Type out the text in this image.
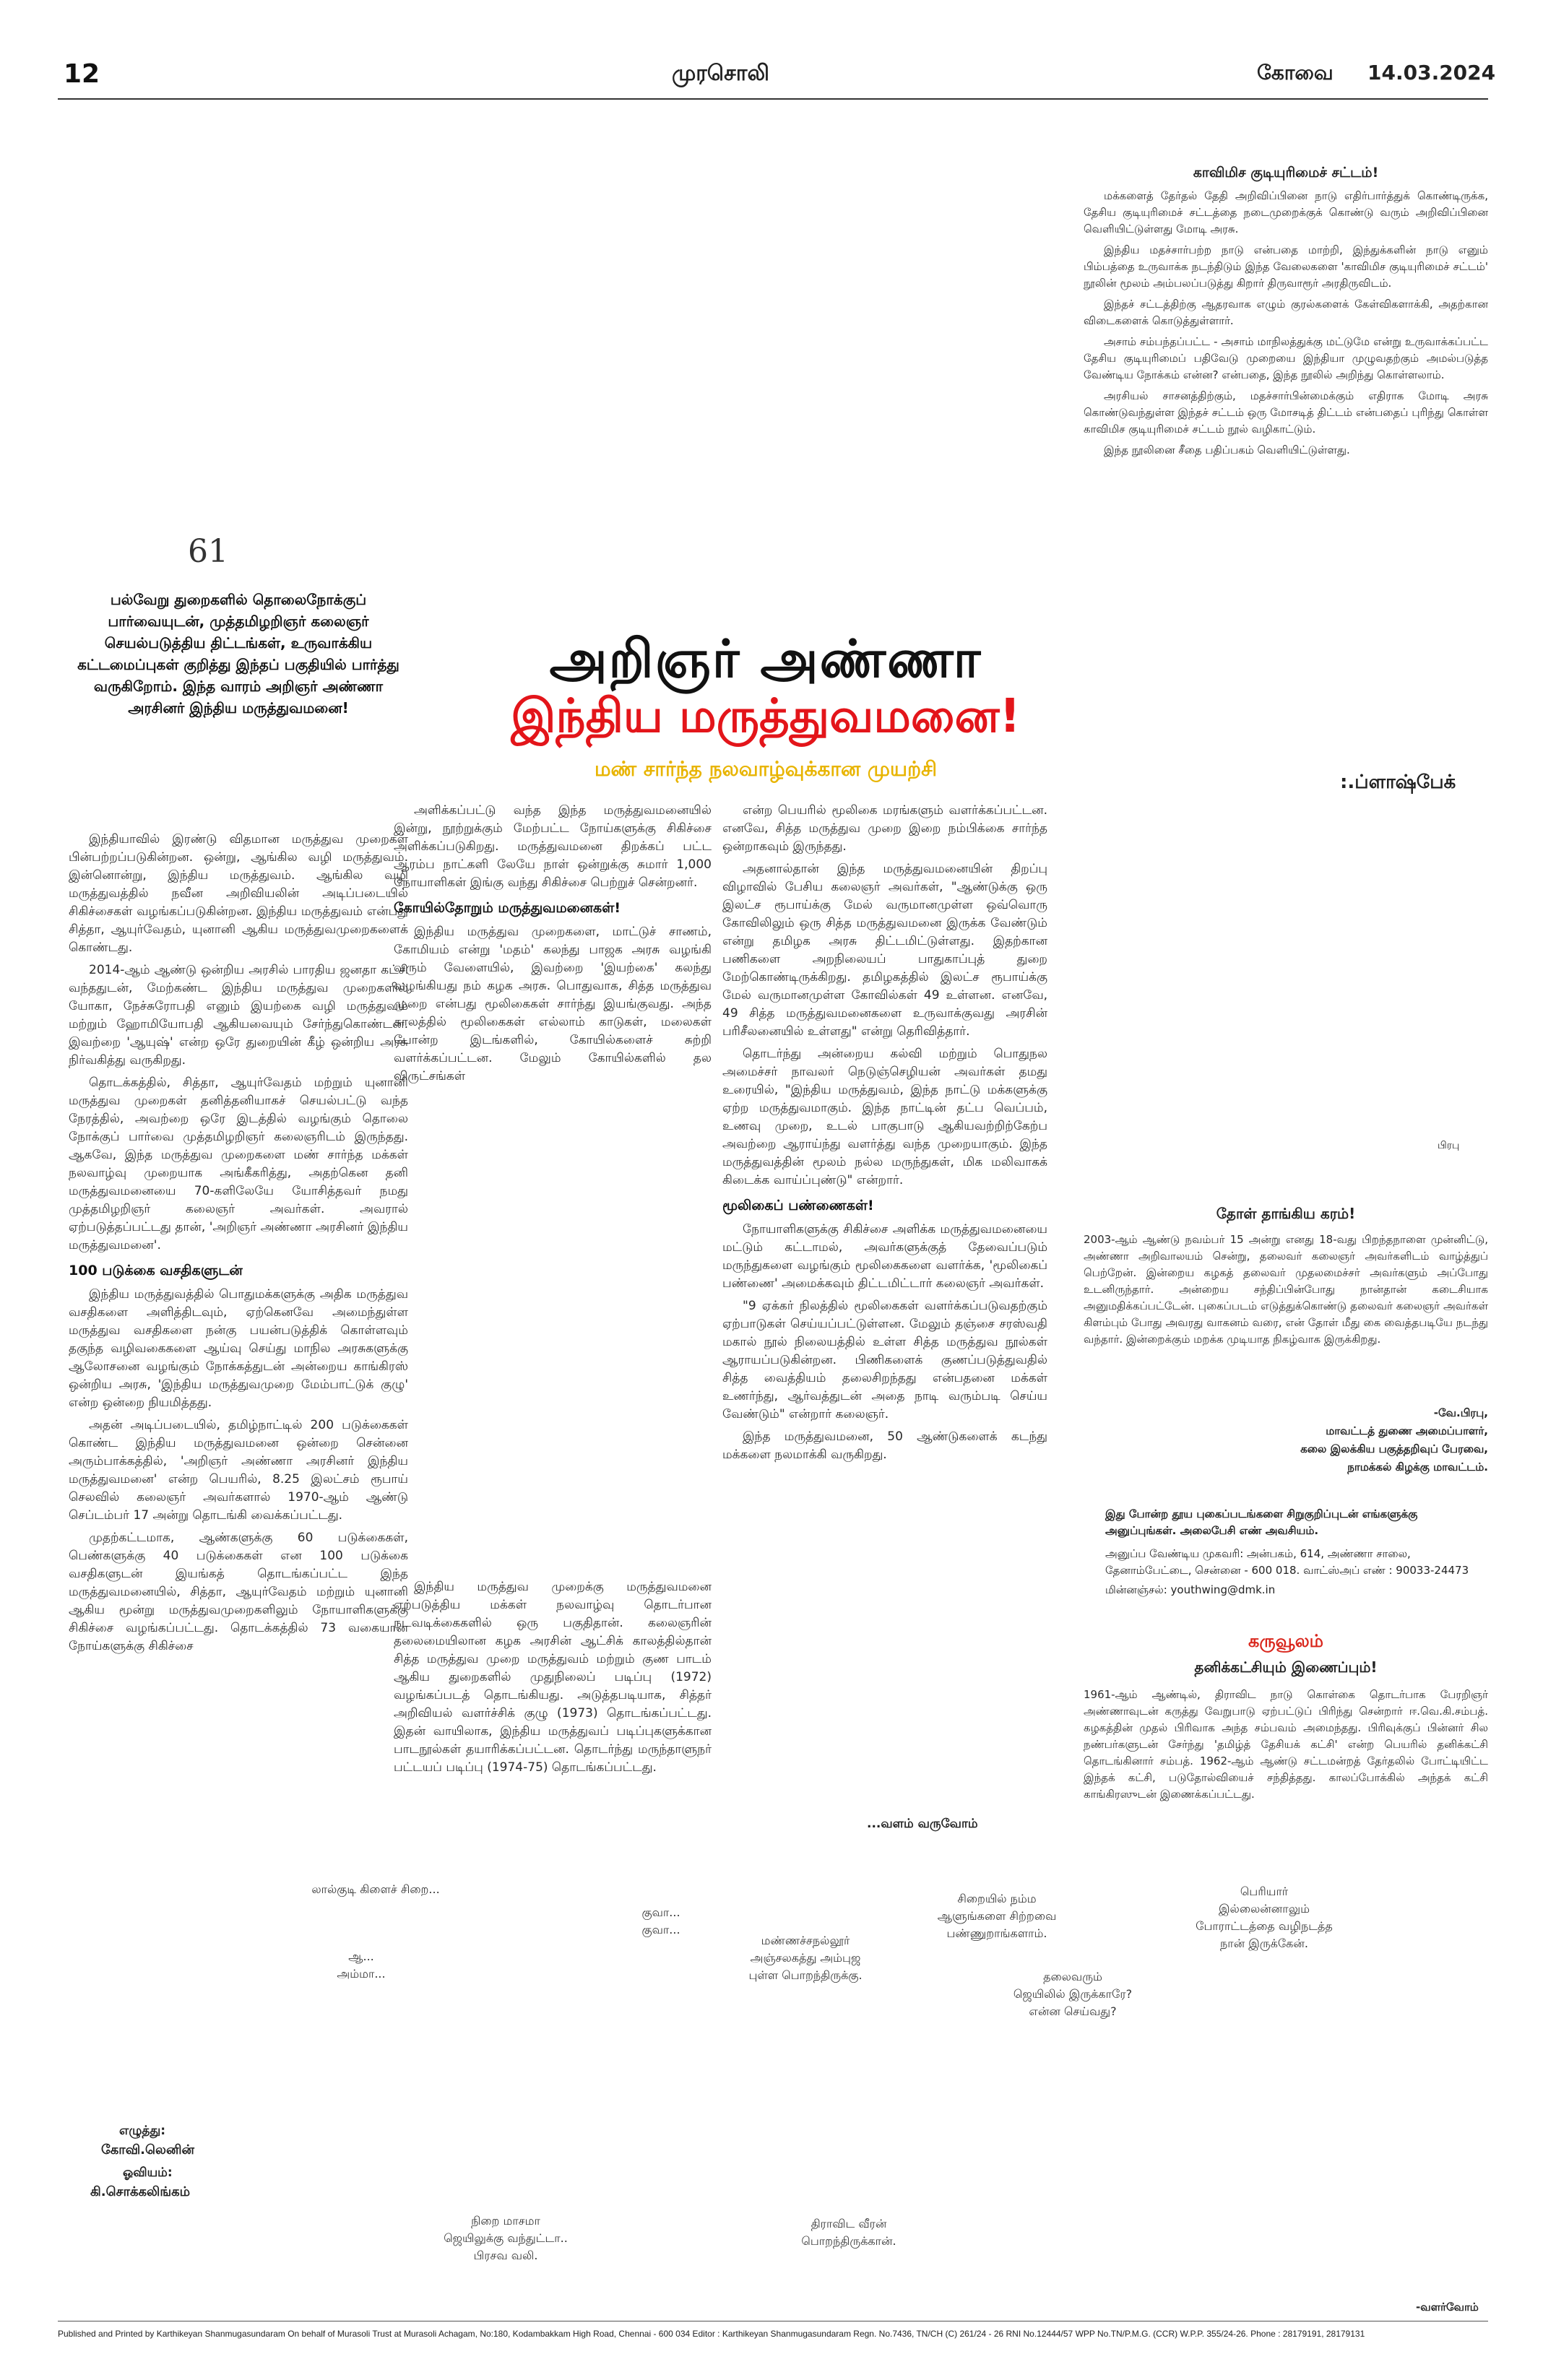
12	முரசொலி	கோவை 14.03.2024
61
பல்வேறு துறைகளில் தொலைநோக்குப் பார்வையுடன், முத்தமிழறிஞர் கலைஞர் செயல்படுத்திய திட்டங்கள், உருவாக்கிய கட்டமைப்புகள் குறித்து இந்தப் பகுதியில் பார்த்து வருகிறோம். இந்த வாரம் அறிஞர் அண்ணா அரசினர் இந்திய மருத்துவமனை!
அறிஞர் அண்ணா
இந்திய மருத்துவமனை!
மண் சார்ந்த நலவாழ்வுக்கான முயற்சி

இந்தியாவில் இரண்டு விதமான மருத்துவ முறைகள் பின்பற்றப்படுகின்றன. ஒன்று, ஆங்கில வழி மருத்துவம். இன்னொன்று, இந்திய மருத்துவம். ஆங்கில வழி மருத்துவத்தில் நவீன அறிவியலின் அடிப்படையில் சிகிச்சைகள் வழங்கப்படுகின்றன. இந்திய மருத்துவம் என்பது சித்தா, ஆயுர்வேதம், யுனானி ஆகிய மருத்துவமுறைகளைக் கொண்டது.

2014-ஆம் ஆண்டு ஒன்றிய அரசில் பாரதிய ஜனதா கட்சி வந்ததுடன், மேற்கண்ட இந்திய மருத்துவ முறைகளில் யோகா, நேச்சுரோபதி எனும் இயற்கை வழி மருத்துவம் மற்றும் ஹோமியோபதி ஆகியவையும் சேர்ந்துகொண்டன. இவற்றை 'ஆயுஷ்' என்ற ஒரே துறையின் கீழ் ஒன்றிய அரசு நிர்வகித்து வருகிறது.

தொடக்கத்தில், சித்தா, ஆயுர்வேதம் மற்றும் யுனானி மருத்துவ முறைகள் தனித்தனியாகச் செயல்பட்டு வந்த நேரத்தில், அவற்றை ஒரே இடத்தில் வழங்கும் தொலை நோக்குப் பார்வை முத்தமிழறிஞர் கலைஞரிடம் இருந்தது. ஆகவே, இந்த மருத்துவ முறைகளை மண் சார்ந்த மக்கள் நலவாழ்வு முறையாக அங்கீகரித்து, அதற்கென தனி மருத்துவமனையை 70-களிலேயே யோசித்தவர் நமது முத்தமிழறிஞர் கலைஞர் அவர்கள். அவரால் ஏற்படுத்தப்பட்டது தான், 'அறிஞர் அண்ணா அரசினர் இந்திய மருத்துவமனை'.

100 படுக்கை வசதிகளுடன்

இந்திய மருத்துவத்தில் பொதுமக்களுக்கு அதிக மருத்துவ வசதிகளை அளித்திடவும், ஏற்கெனவே அமைந்துள்ள மருத்துவ வசதிகளை நன்கு பயன்படுத்திக் கொள்ளவும் தகுந்த வழிவகைகளை ஆய்வு செய்து மாநில அரசுகளுக்கு ஆலோசனை வழங்கும் நோக்கத்துடன் அன்றைய காங்கிரஸ் ஒன்றிய அரசு, 'இந்திய மருத்துவமுறை மேம்பாட்டுக் குழு' என்ற ஒன்றை நியமித்தது.

அதன் அடிப்படையில், தமிழ்நாட்டில் 200 படுக்கைகள் கொண்ட இந்திய மருத்துவமனை ஒன்றை சென்னை அரும்பாக்கத்தில், 'அறிஞர் அண்ணா அரசினர் இந்திய மருத்துவமனை' என்ற பெயரில், 8.25 இலட்சம் ரூபாய் செலவில் கலைஞர் அவர்களால் 1970-ஆம் ஆண்டு செப்டம்பர் 17 அன்று தொடங்கி வைக்கப்பட்டது.

முதற்கட்டமாக, ஆண்களுக்கு 60 படுக்கைகள், பெண்களுக்கு 40 படுக்கைகள் என 100 படுக்கை வசதிகளுடன் இயங்கத் தொடங்கப்பட்ட இந்த மருத்துவமனையில், சித்தா, ஆயுர்வேதம் மற்றும் யுனானி ஆகிய மூன்று மருத்துவமுறைகளிலும் நோயாளிகளுக்கு சிகிச்சை வழங்கப்பட்டது. தொடக்கத்தில் 73 வகையான நோய்களுக்கு சிகிச்சை

அளிக்கப்பட்டு வந்த இந்த மருத்துவமனையில் இன்று, நூற்றுக்கும் மேற்பட்ட நோய்களுக்கு சிகிச்சை அளிக்கப்படுகிறது. மருத்துவமனை திறக்கப் பட்ட ஆரம்ப நாட்களி லேயே நாள் ஒன்றுக்கு சுமார் 1,000 நோயாளிகள் இங்கு வந்து சிகிச்சை பெற்றுச் சென்றனர்.

கோயில்தோறும் மருத்துவமனைகள்!

இந்திய மருத்துவ முறைகளை, மாட்டுச் சாணம், கோமியம் என்று 'மதம்' கலந்து பாஜக அரசு வழங்கி வரும் வேளையில், இவற்றை 'இயற்கை' கலந்து வழங்கியது நம் கழக அரசு. பொதுவாக, சித்த மருத்துவ முறை என்பது மூலிகைகள் சார்ந்து இயங்குவது. அந்த காலத்தில் மூலிகைகள் எல்லாம் காடுகள், மலைகள் போன்ற இடங்களில், கோயில்களைச் சுற்றி வளர்க்கப்பட்டன. மேலும் கோயில்களில் தல விருட்சங்கள்

இந்திய மருத்துவ முறைக்கு மருத்துவமனை ஏற்படுத்திய மக்கள் நலவாழ்வு தொடர்பான நடவடிக்கைகளில் ஒரு பகுதிதான். கலைஞரின் தலைமையிலான கழக அரசின் ஆட்சிக் காலத்தில்தான் சித்த மருத்துவ முறை மருத்துவம் மற்றும் குண பாடம் ஆகிய துறைகளில் முதுநிலைப் படிப்பு (1972) வழங்கப்படத் தொடங்கியது. அடுத்தபடியாக, சித்தர் அறிவியல் வளர்ச்சிக் குழு (1973) தொடங்கப்பட்டது. இதன் வாயிலாக, இந்திய மருத்துவப் படிப்புகளுக்கான பாடநூல்கள் தயாரிக்கப்பட்டன. தொடர்ந்து மருந்தாளுநர் பட்டயப் படிப்பு (1974-75) தொடங்கப்பட்டது.

என்ற பெயரில் மூலிகை மரங்களும் வளர்க்கப்பட்டன. எனவே, சித்த மருத்துவ முறை இறை நம்பிக்கை சார்ந்த ஒன்றாகவும் இருந்தது.

அதனால்தான் இந்த மருத்துவமனையின் திறப்பு விழாவில் பேசிய கலைஞர் அவர்கள், "ஆண்டுக்கு ஒரு இலட்ச ரூபாய்க்கு மேல் வருமானமுள்ள ஒவ்வொரு கோவிலிலும் ஒரு சித்த மருத்துவமனை இருக்க வேண்டும் என்று தமிழக அரசு திட்டமிட்டுள்ளது. இதற்கான பணிகளை அறநிலையப் பாதுகாப்புத் துறை மேற்கொண்டிருக்கிறது. தமிழகத்தில் இலட்ச ரூபாய்க்கு மேல் வருமானமுள்ள கோவில்கள் 49 உள்ளன. எனவே, 49 சித்த மருத்துவமனைகளை உருவாக்குவது அரசின் பரிசீலனையில் உள்ளது" என்று தெரிவித்தார்.

தொடர்ந்து அன்றைய கல்வி மற்றும் பொதுநல அமைச்சர் நாவலர் நெடுஞ்செழியன் அவர்கள் தமது உரையில், "இந்திய மருத்துவம், இந்த நாட்டு மக்களுக்கு ஏற்ற மருத்துவமாகும். இந்த நாட்டின் தட்ப வெப்பம், உணவு முறை, உடல் பாகுபாடு ஆகியவற்றிற்கேற்ப அவற்றை ஆராய்ந்து வளர்த்து வந்த முறையாகும். இந்த மருத்துவத்தின் மூலம் நல்ல மருந்துகள், மிக மலிவாகக் கிடைக்க வாய்ப்புண்டு" என்றார்.

மூலிகைப் பண்ணைகள்!

நோயாளிகளுக்கு சிகிச்சை அளிக்க மருத்துவமனையை மட்டும் கட்டாமல், அவர்களுக்குத் தேவைப்படும் மருந்துகளை வழங்கும் மூலிகைகளை வளர்க்க, 'மூலிகைப் பண்ணை' அமைக்கவும் திட்டமிட்டார் கலைஞர் அவர்கள்.

"9 ஏக்கர் நிலத்தில் மூலிகைகள் வளர்க்கப்படுவதற்கும் ஏற்பாடுகள் செய்யப்பட்டுள்ளன. மேலும் தஞ்சை சரஸ்வதி மகால் நூல் நிலையத்தில் உள்ள சித்த மருத்துவ நூல்கள் ஆராயப்படுகின்றன. பிணிகளைக் குணப்படுத்துவதில் சித்த வைத்தியம் தலைசிறந்தது என்பதனை மக்கள் உணர்ந்து, ஆர்வத்துடன் அதை நாடி வரும்படி செய்ய வேண்டும்" என்றார் கலைஞர்.

இந்த மருத்துவமனை, 50 ஆண்டுகளைக் கடந்து மக்களை நலமாக்கி வருகிறது.

...வளம் வருவோம்
காவிமிச குடியுரிமைச் சட்டம்!

மக்களைத் தேர்தல் தேதி அறிவிப்பினை நாடு எதிர்பார்த்துக் கொண்டிருக்க, தேசிய குடியுரிமைச் சட்டத்தை நடைமுறைக்குக் கொண்டு வரும் அறிவிப்பினை வெளியிட்டுள்ளது மோடி அரசு.

இந்திய மதச்சார்பற்ற நாடு என்பதை மாற்றி, இந்துக்களின் நாடு எனும் பிம்பத்தை உருவாக்க நடந்திடும் இந்த வேலைகளை 'காவிமிச குடியுரிமைச் சட்டம்' நூலின் மூலம் அம்பலப்படுத்து கிறார் திருவாரூர் அரதிருவிடம்.

இந்தச் சட்டத்திற்கு ஆதரவாக எழும் குரல்களைக் கேள்விகளாக்கி, அதற்கான விடைகளைக் கொடுத்துள்ளார்.

அசாம் சம்பந்தப்பட்ட - அசாம் மாநிலத்துக்கு மட்டுமே என்று உருவாக்கப்பட்ட தேசிய குடியுரிமைப் பதிவேடு முறையை இந்தியா முழுவதற்கும் அமல்படுத்த வேண்டிய நோக்கம் என்ன? என்பதை, இந்த நூலில் அறிந்து கொள்ளலாம்.

அரசியல் சாசனத்திற்கும், மதச்சார்பின்மைக்கும் எதிராக மோடி அரசு கொண்டுவந்துள்ள இந்தச் சட்டம் ஒரு மோசடித் திட்டம் என்பதைப் புரிந்து கொள்ள காவிமிச குடியுரிமைச் சட்டம் நூல் வழிகாட்டும்.

இந்த நூலினை சீதை பதிப்பகம் வெளியிட்டுள்ளது.

:.ப்ளாஷ்பேக்
பிரபு
தோள் தாங்கிய கரம்!
2003-ஆம் ஆண்டு நவம்பர் 15 அன்று எனது 18-வது பிறந்தநாளை முன்னிட்டு, அண்ணா அறிவாலயம் சென்று, தலைவர் கலைஞர் அவர்களிடம் வாழ்த்துப் பெற்றேன். இன்றைய கழகத் தலைவர் முதலமைச்சர் அவர்களும் அப்போது உடனிருந்தார். அன்றைய சந்திப்பின்போது நான்தான் கடைசியாக அனுமதிக்கப்பட்டேன். புகைப்படம் எடுத்துக்கொண்டு தலைவர் கலைஞர் அவர்கள் கிளம்பும் போது அவரது வாகனம் வரை, என் தோள் மீது கை வைத்தபடியே நடந்து வந்தார். இன்றைக்கும் மறக்க முடியாத நிகழ்வாக இருக்கிறது.
-வே.பிரபு,
மாவட்டத் துணை அமைப்பாளர்,
கலை இலக்கிய பகுத்தறிவுப் பேரவை,
நாமக்கல் கிழக்கு மாவட்டம்.
இது போன்ற தூய புகைப்படங்களை சிறுகுறிப்புடன் எங்களுக்கு அனுப்புங்கள். அலைபேசி எண் அவசியம்.
அனுப்ப வேண்டிய முகவரி: அன்பகம், 614, அண்ணா சாலை, தேனாம்பேட்டை, சென்னை - 600 018. வாட்ஸ்அப் எண் : 90033-24473
மின்னஞ்சல்: youthwing@dmk.in
கருவூலம்
தனிக்கட்சியும் இணைப்பும்!
1961-ஆம் ஆண்டில், திராவிட நாடு கொள்கை தொடர்பாக பேரறிஞர் அண்ணாவுடன் கருத்து வேறுபாடு ஏற்பட்டுப் பிரிந்து சென்றார் ஈ.வெ.கி.சம்பத். கழகத்தின் முதல் பிரிவாக அந்த சம்பவம் அமைந்தது. பிரிவுக்குப் பின்னர் சில நண்பர்களுடன் சேர்ந்து 'தமிழ்த் தேசியக் கட்சி' என்ற பெயரில் தனிக்கட்சி தொடங்கினார் சம்பத். 1962-ஆம் ஆண்டு சட்டமன்றத் தேர்தலில் போட்டியிட்ட இந்தக் கட்சி, படுதோல்வியைச் சந்தித்தது. காலப்போக்கில் அந்தக் கட்சி காங்கிரஸுடன் இணைக்கப்பட்டது.
லால்குடி கிளைச் சிறை...
குவா...
குவா...
ஆ...
அம்மா...
மண்ணச்சநல்லூர்
அஞ்சலகத்து அம்புஜ
புள்ள பொறந்திருக்கு.
சிறையில் நம்ம
ஆளுங்களை சிற்றவை
பண்ணுறாங்களாம்.
பெரியார்
இல்லைன்னாலும்
போராட்டத்தை வழிநடத்த
நான் இருக்கேன்.
தலைவரும்
ஜெயிலில் இருக்காரே?
என்ன செய்வது?
நிறை மாசமா
ஜெயிலுக்கு வந்துட்டா..
பிரசவ வலி.
திராவிட வீரன்
பொறந்திருக்கான்.
எழுத்து:
கோவி.லெனின்
ஓவியம்:
கி.சொக்கலிங்கம்
-வளர்வோம்
Published and Printed by Karthikeyan Shanmugasundaram On behalf of Murasoli Trust at Murasoli Achagam, No:180, Kodambakkam High Road, Chennai - 600 034 Editor : Karthikeyan Shanmugasundaram Regn. No.7436, TN/CH (C) 261/24 - 26 RNI No.12444/57 WPP No.TN/P.M.G. (CCR) W.P.P. 355/24-26. Phone : 28179191, 28179131
